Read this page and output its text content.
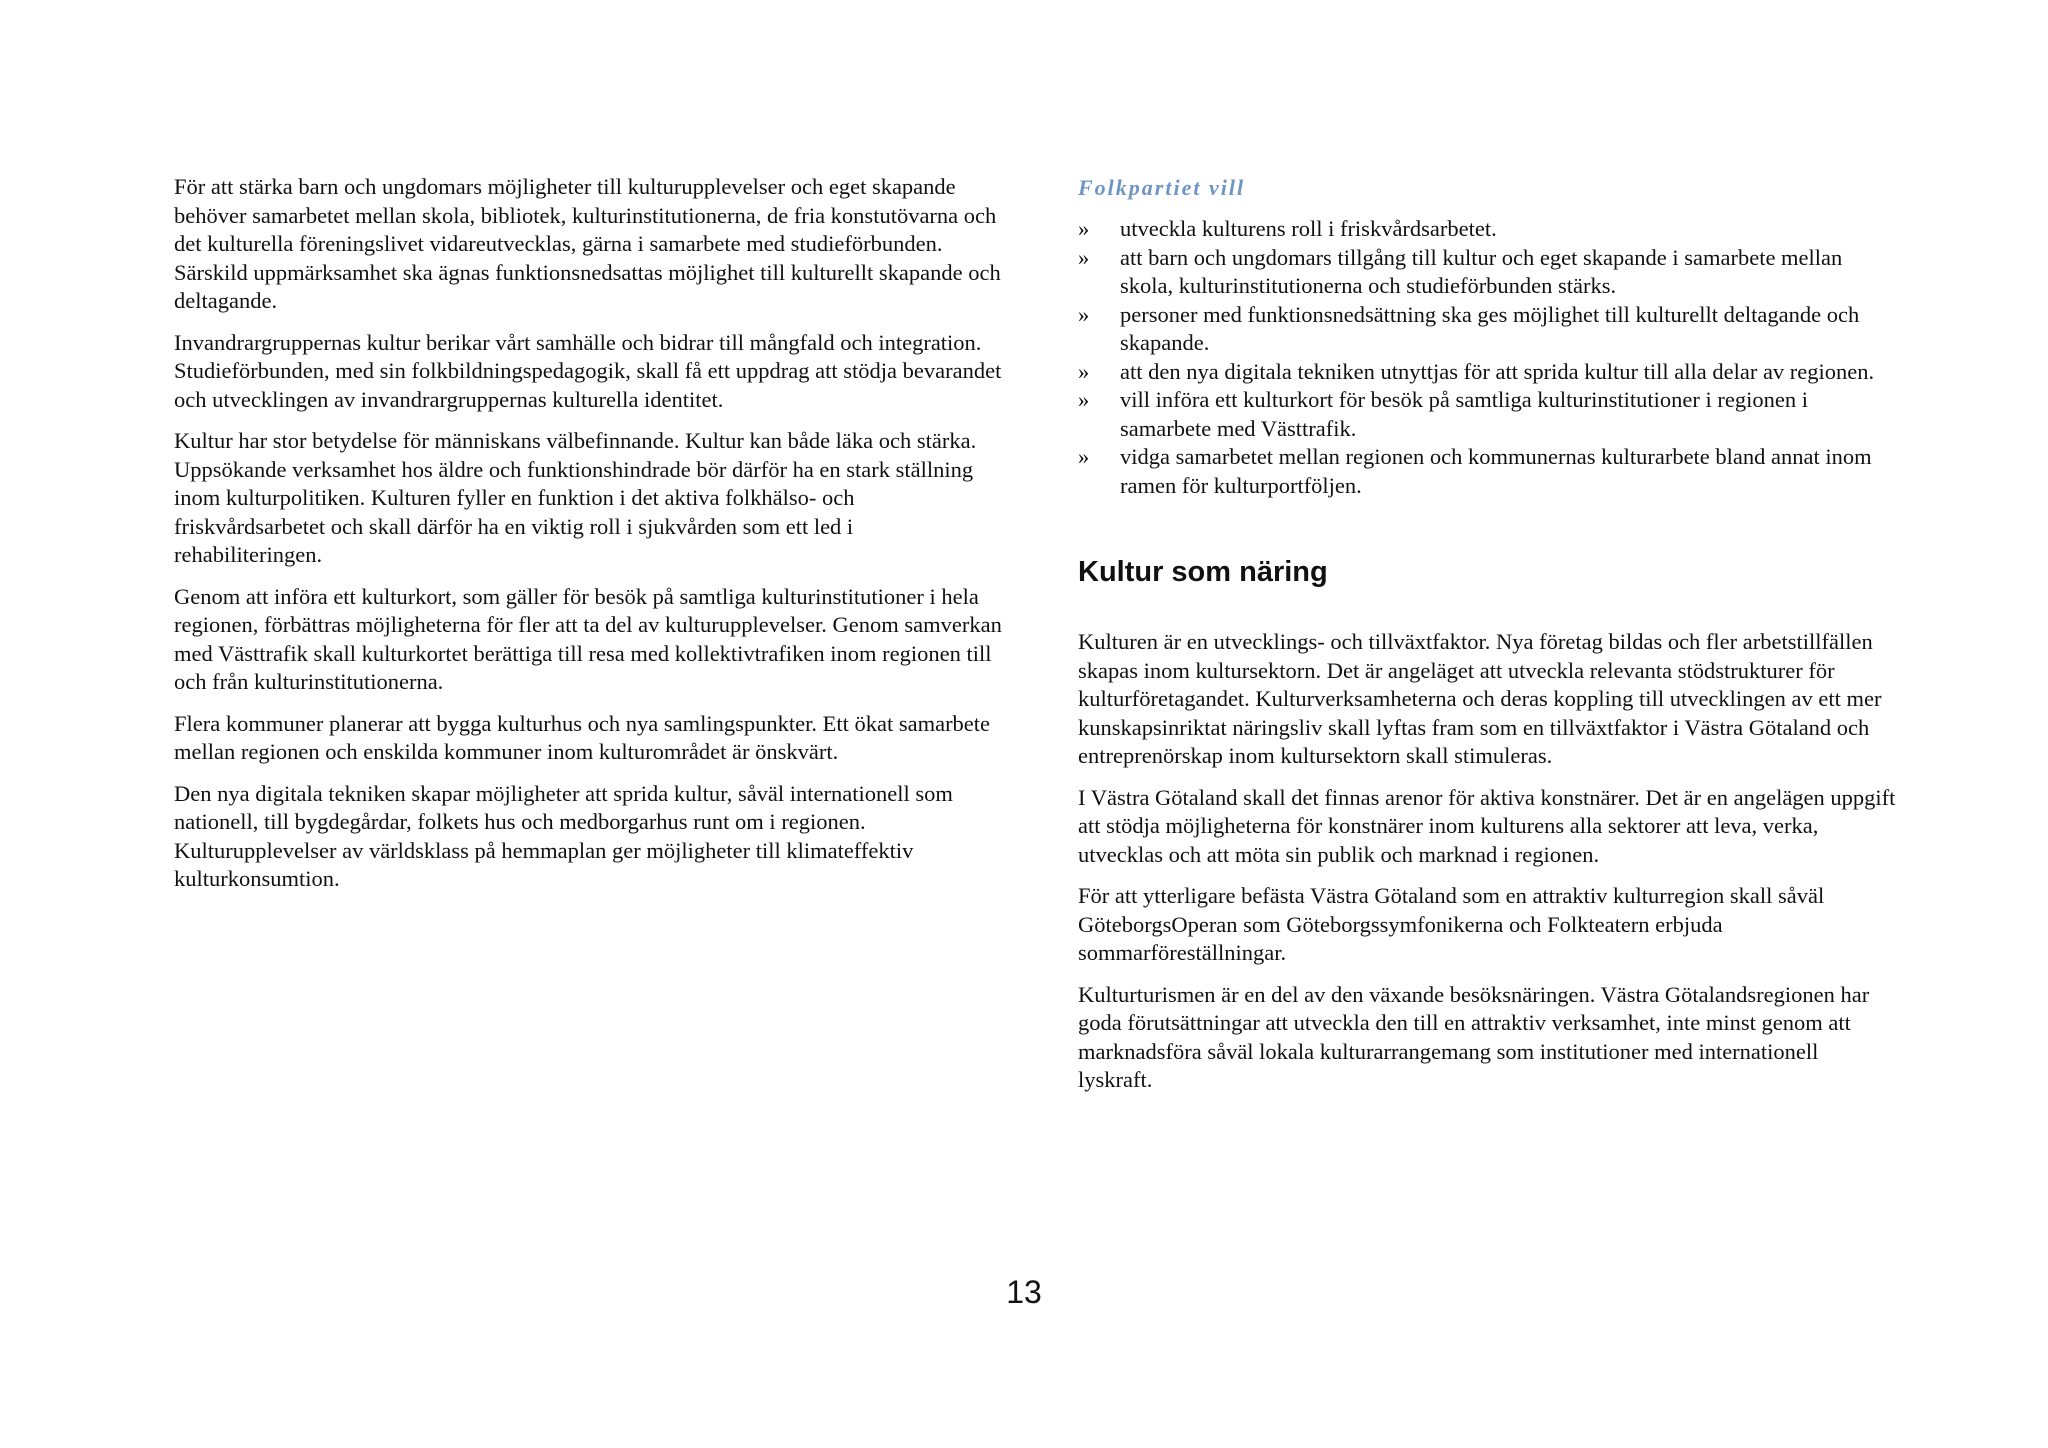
För att stärka barn och ungdomars möjligheter till kulturupplevelser och eget skapande behöver samarbetet mellan skola, bibliotek, kulturinstitutionerna, de fria konstutövarna och det kulturella föreningslivet vidareutvecklas, gärna i samarbete med studieförbunden. Särskild uppmärksamhet ska ägnas funktionsnedsattas möjlighet till kulturellt skapande och deltagande.

Invandrargruppernas kultur berikar vårt samhälle och bidrar till mångfald och integration. Studieförbunden, med sin folkbildningspedagogik, skall få ett uppdrag att stödja bevarandet och utvecklingen av invandrargruppernas kulturella identitet.

Kultur har stor betydelse för människans välbefinnande. Kultur kan både läka och stärka. Uppsökande verksamhet hos äldre och funktionshindrade bör därför ha en stark ställning inom kulturpolitiken. Kulturen fyller en funktion i det aktiva folkhälso- och friskvårdsarbetet och skall därför ha en viktig roll i sjukvården som ett led i rehabiliteringen.

Genom att införa ett kulturkort, som gäller för besök på samtliga kulturinstitutioner i hela regionen, förbättras möjligheterna för fler att ta del av kulturupplevelser. Genom samverkan med Västtrafik skall kulturkortet berättiga till resa med kollektivtrafiken inom regionen till och från kulturinstitutionerna.

Flera kommuner planerar att bygga kulturhus och nya samlingspunkter. Ett ökat samarbete mellan regionen och enskilda kommuner inom kulturområdet är önskvärt.

Den nya digitala tekniken skapar möjligheter att sprida kultur, såväl internationell som nationell, till bygdegårdar, folkets hus och medborgarhus runt om i regionen. Kulturupplevelser av världsklass på hemmaplan ger möjligheter till klimateffektiv kulturkonsumtion.

Folkpartiet vill
» utveckla kulturens roll i friskvårdsarbetet.
» att barn och ungdomars tillgång till kultur och eget skapande i samarbete mellan skola, kulturinstitutionerna och studieförbunden stärks.
» personer med funktionsnedsättning ska ges möjlighet till kulturellt deltagande och skapande.
» att den nya digitala tekniken utnyttjas för att sprida kultur till alla delar av regionen.
» vill införa ett kulturkort för besök på samtliga kulturinstitutioner i regionen i samarbete med Västtrafik.
» vidga samarbetet mellan regionen och kommunernas kulturarbete bland annat inom ramen för kulturportföljen.
Kultur som näring

Kulturen är en utvecklings- och tillväxtfaktor. Nya företag bildas och fler arbetstillfällen skapas inom kultursektorn. Det är angeläget att utveckla relevanta stödstrukturer för kulturföretagandet. Kulturverksamheterna och deras koppling till utvecklingen av ett mer kunskapsinriktat näringsliv skall lyftas fram som en tillväxtfaktor i Västra Götaland och entreprenörskap inom kultursektorn skall stimuleras.

I Västra Götaland skall det finnas arenor för aktiva konstnärer. Det är en angelägen uppgift att stödja möjligheterna för konstnärer inom kulturens alla sektorer att leva, verka, utvecklas och att möta sin publik och marknad i regionen.

För att ytterligare befästa Västra Götaland som en attraktiv kulturregion skall såväl GöteborgsOperan som Göteborgssymfonikerna och Folkteatern erbjuda sommarföreställningar.

Kulturturismen är en del av den växande besöksnäringen. Västra Götalandsregionen har goda förutsättningar att utveckla den till en attraktiv verksamhet, inte minst genom att marknadsföra såväl lokala kulturarrangemang som institutioner med internationell lyskraft.

13
